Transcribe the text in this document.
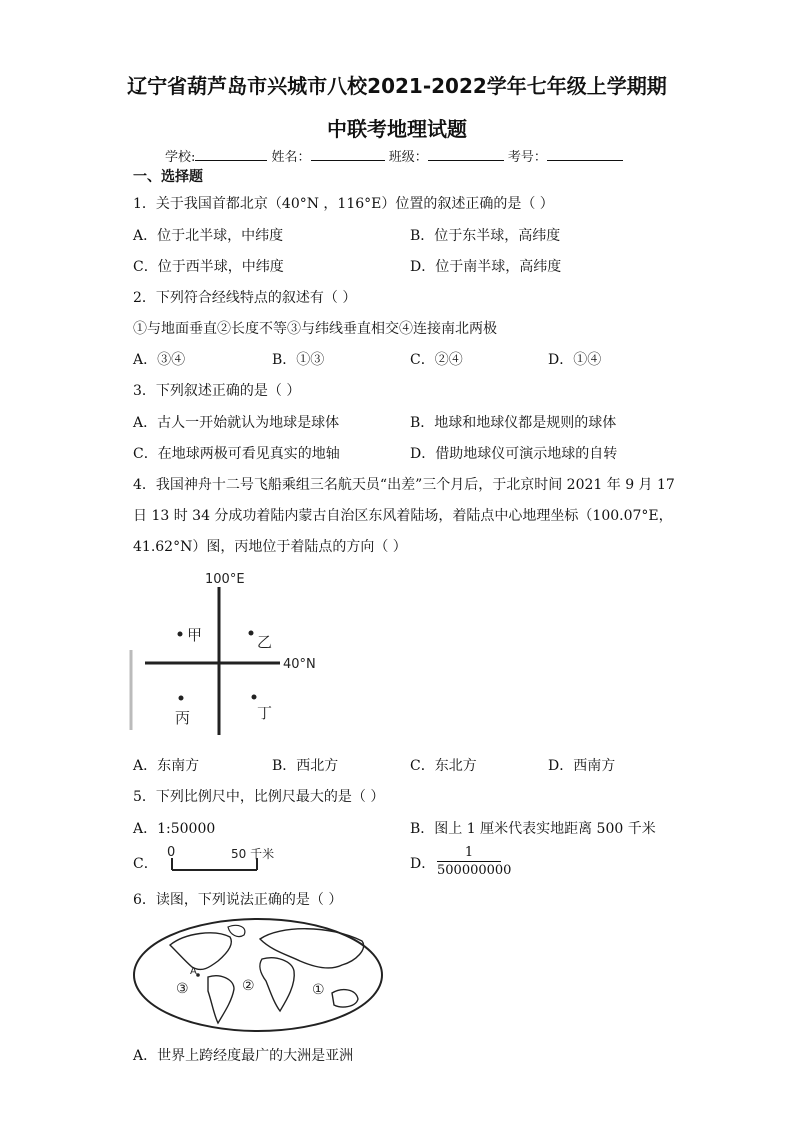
辽宁省葫芦岛市兴城市八校2021-2022学年七年级上学期期
中联考地理试题
学校:	姓名：	班级：	考号：
一、选择题
1．关于我国首都北京（40°N ，116°E）位置的叙述正确的是（ ）
A．位于北半球，中纬度	B．位于东半球，高纬度
C．位于西半球，中纬度	D．位于南半球，高纬度
2．下列符合经线特点的叙述有（ ）
①与地面垂直②长度不等③与纬线垂直相交④连接南北两极
A．③④	B．①③	C．②④	D．①④
3．下列叙述正确的是（ ）
A．古人一开始就认为地球是球体	B．地球和地球仪都是规则的球体
C．在地球两极可看见真实的地轴	D．借助地球仪可演示地球的自转
4．我国神舟十二号飞船乘组三名航天员“出差”三个月后，于北京时间 2021 年 9 月 17
日 13 时 34 分成功着陆内蒙古自治区东风着陆场，着陆点中心地理坐标（100.07°E，
41.62°N）图，丙地位于着陆点的方向（ ）
100°E
40°N
甲	乙
丙	丁
A．东南方	B．西北方	C．东北方	D．西南方
5．下列比例尺中，比例尺最大的是（ ）
A．1:50000	B．图上 1 厘米代表实地距离 500 千米
C．
0	50 千米
D． $\frac{1}{500000000}$
6．读图，下列说法正确的是（ ）
A
①
②
③
A．世界上跨经度最广的大洲是亚洲
